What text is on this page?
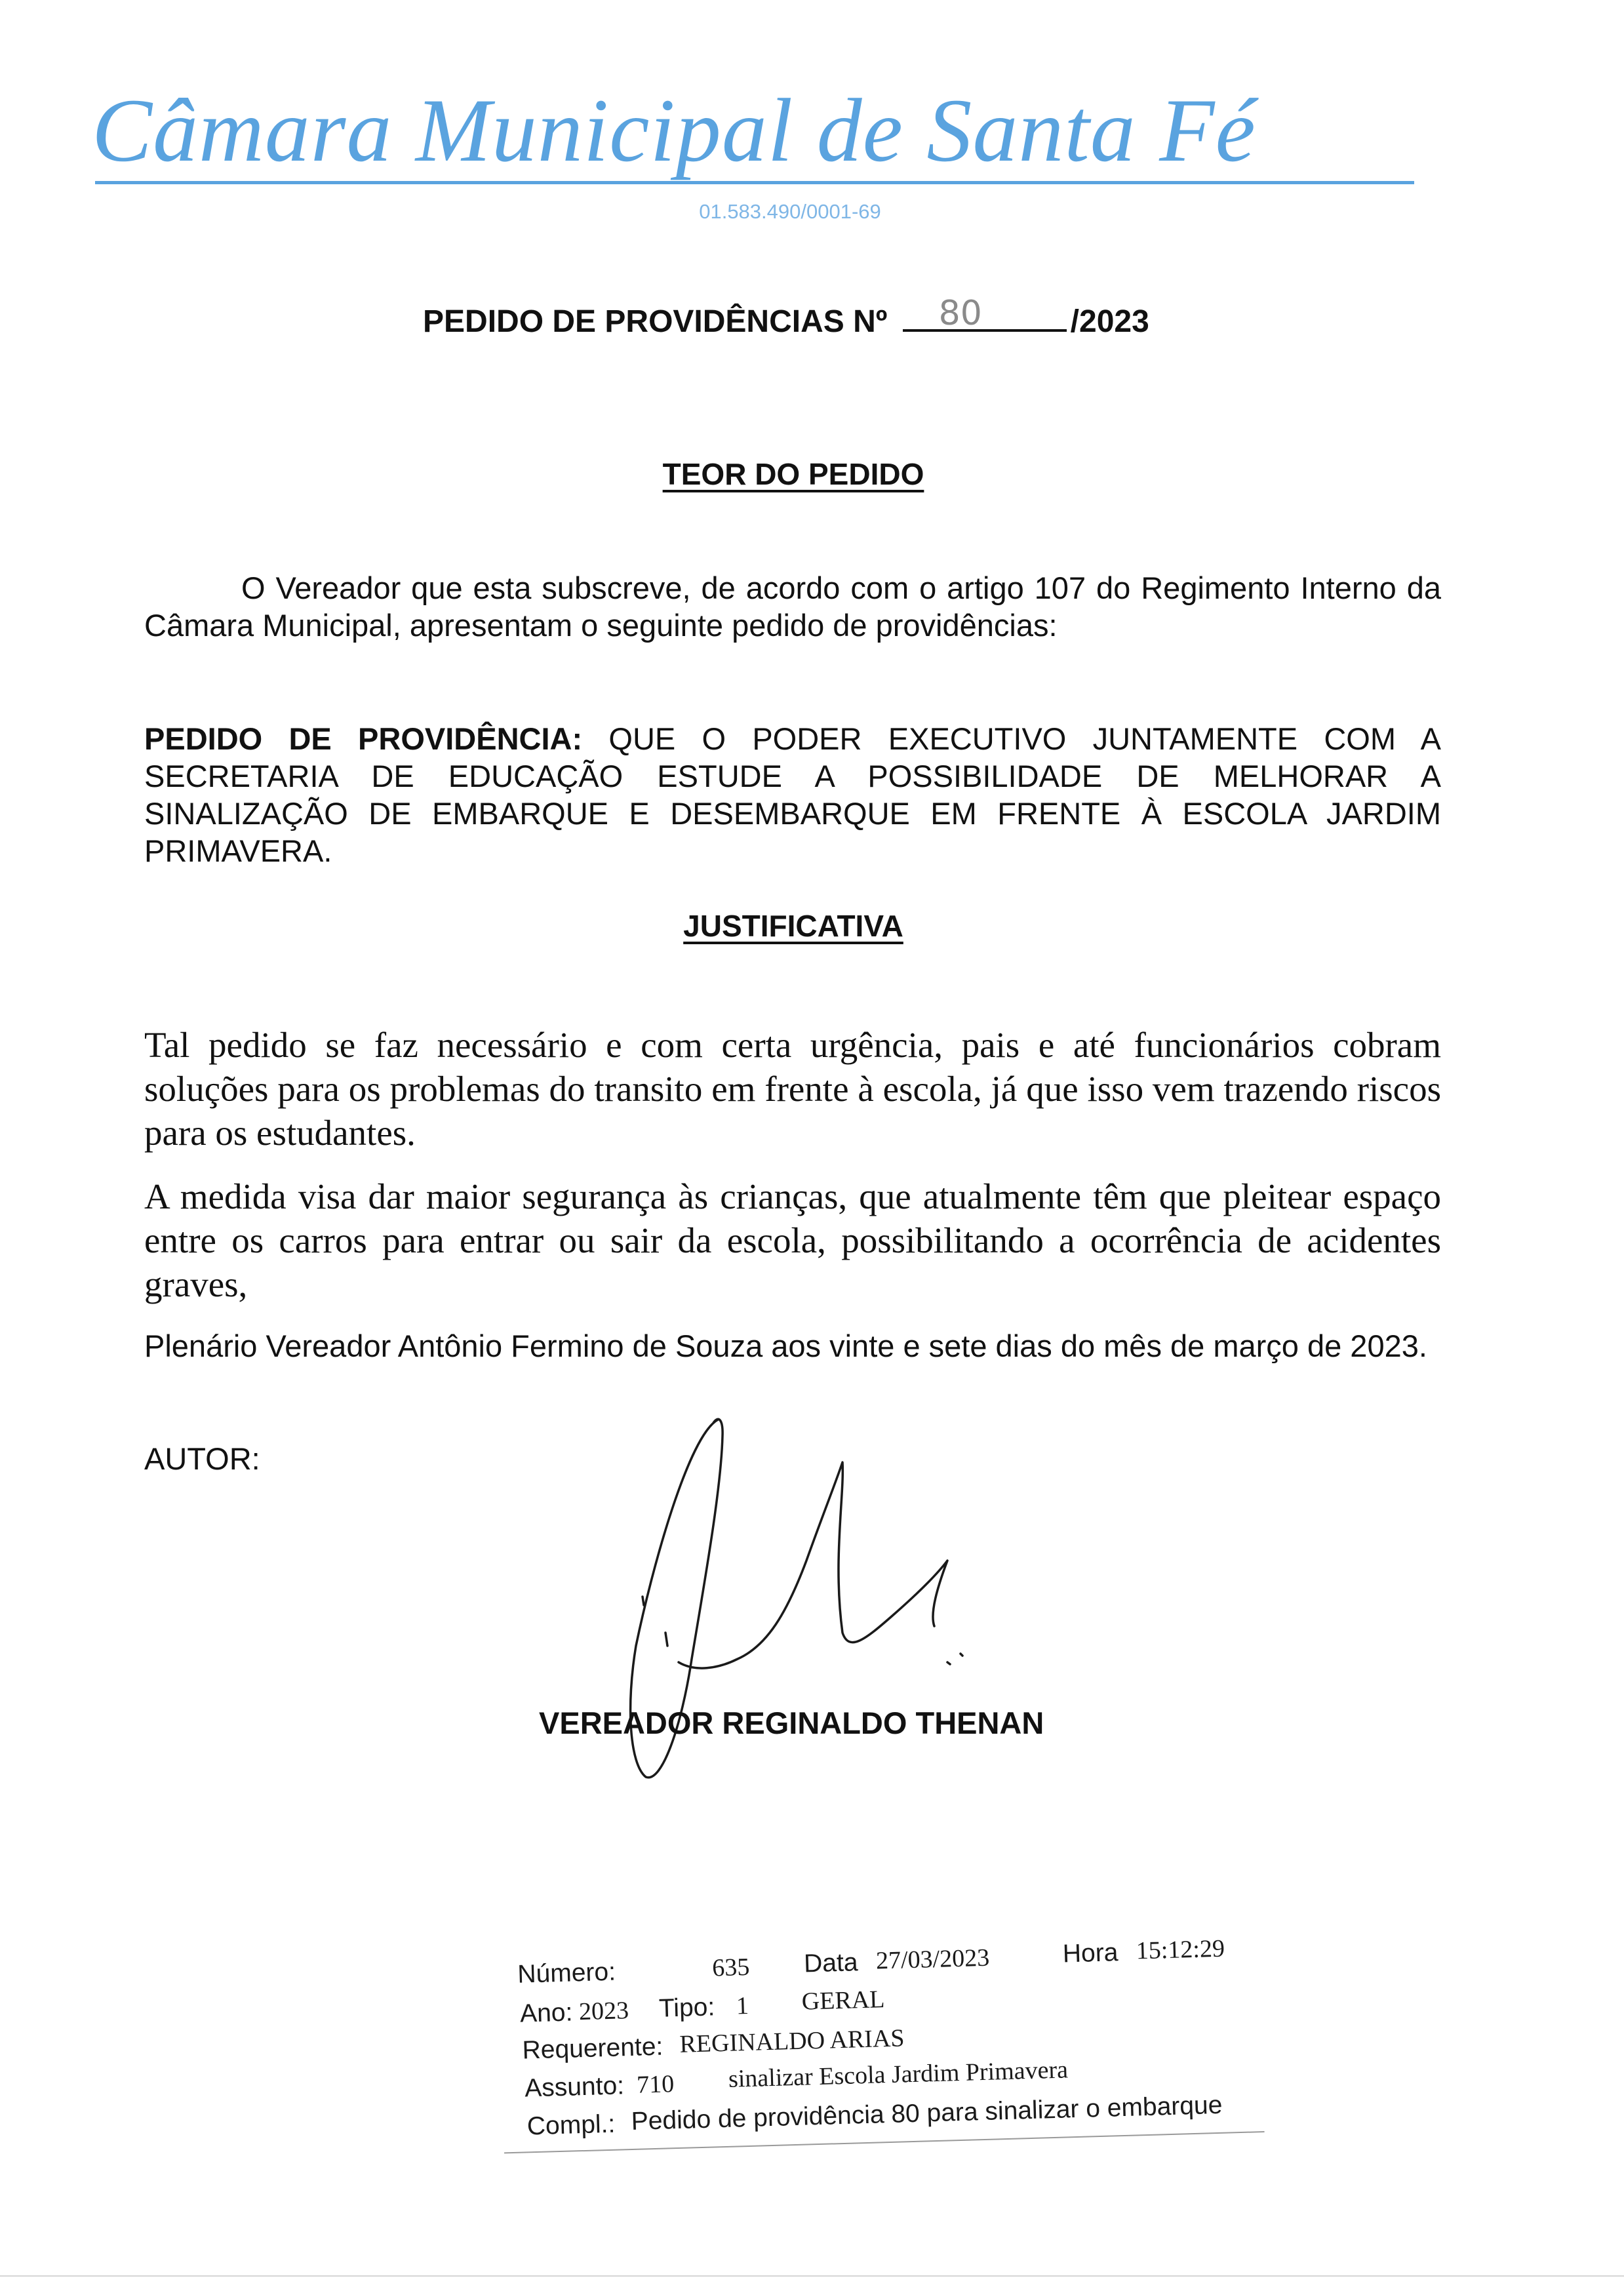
Câmara Municipal de Santa Fé
01.583.490/0001-69
PEDIDO DE PROVIDÊNCIAS Nº 80	/2023
TEOR DO PEDIDO
O Vereador que esta subscreve, de acordo com o artigo 107 do Regimento Interno da Câmara Municipal, apresentam o seguinte pedido de providências:
PEDIDO DE PROVIDÊNCIA: QUE O PODER EXECUTIVO JUNTAMENTE COM A SECRETARIA DE EDUCAÇÃO ESTUDE A POSSIBILIDADE DE MELHORAR A SINALIZAÇÃO DE EMBARQUE E DESEMBARQUE EM FRENTE À ESCOLA JARDIM PRIMAVERA.
JUSTIFICATIVA
Tal pedido se faz necessário e com certa urgência, pais e até funcionários cobram soluções para os problemas do transito em frente à escola, já que isso vem trazendo riscos para os estudantes.
A medida visa dar maior segurança às crianças, que atualmente têm que pleitear espaço entre os carros para entrar ou sair da escola, possibilitando a ocorrência de acidentes graves,
Plenário Vereador Antônio Fermino de Souza aos vinte e sete dias do mês de março de 2023.
AUTOR:
VEREADOR REGINALDO THENAN
Número:	635 Data 27/03/2023	Hora 15:12:29
Ano: 2023 Tipo: 1 GERAL
Requerente: REGINALDO ARIAS
Assunto: 710 sinalizar Escola Jardim Primavera
Compl.: Pedido de providência 80 para sinalizar o embarque
